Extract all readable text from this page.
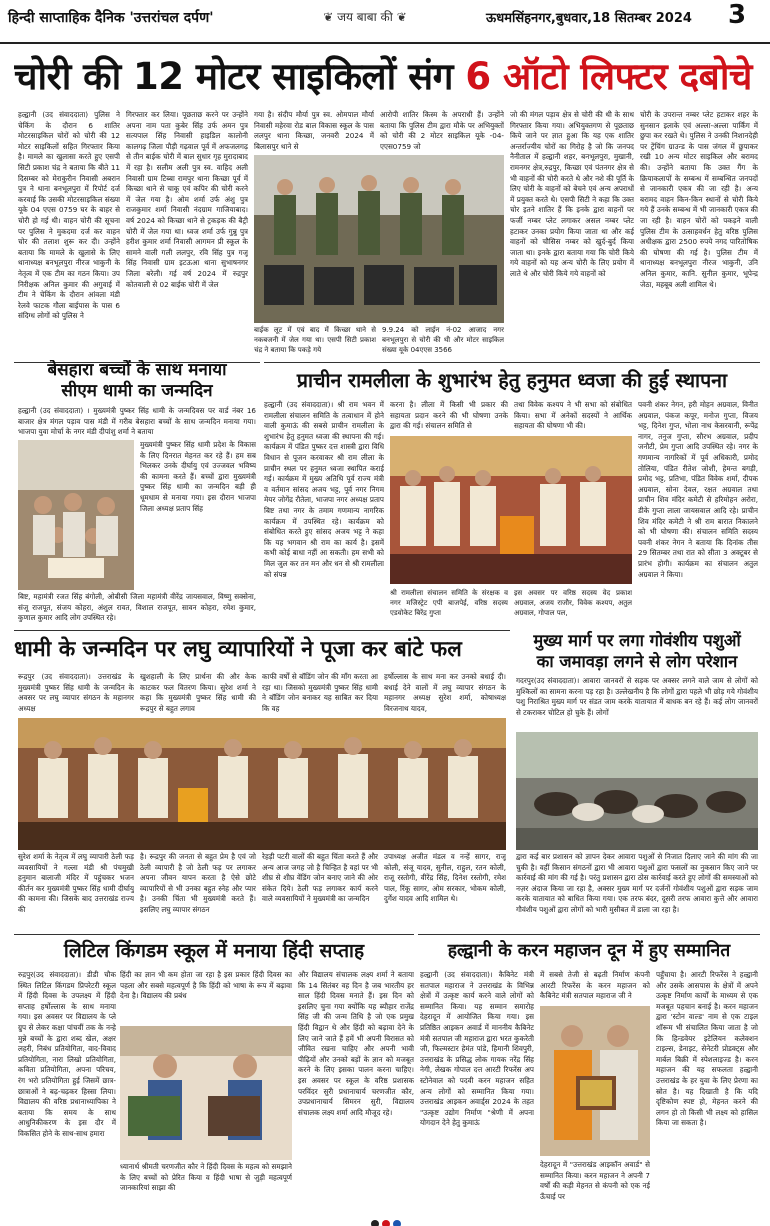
हिन्दी साप्ताहिक दैनिक 'उत्तरांचल दर्पण'	❦ जय बाबा की ❦	ऊधमसिंहनगर,बुधवार,18 सितम्बर 2024 3
चोरी की 12 मोटर साइकिलों संग 6 ऑटो लिफ्टर दबोचे
हल्द्वानी (उद संवाददाता) पुलिस ने चेकिंग के दौरान 6 शातिर मोटरसाइकिल चोरों को चोरी की 12 मोटर साइकिलों सहित गिरफ्तार किया है। मामले का खुलासा करते हुए एसपी सिटी प्रकाश चंद्र ने बताया कि बीते 11 दिसम्बर को मेराकुरीन निवासी अबरान पुत्र ने थाना बनभूलपुरा में रिपोर्ट दर्ज करवाई कि उसकी मोटरसाइकिल संख्या यूके 04 एएस 0759 घर के बाहर से चोरी हो गई थी। वाहन चोरी की सूचना पर पुलिस ने मुकदमा दर्ज कर वाहन चोर की तलाश शुरू कर दी। उन्होंने बताया कि मामले के खुलासे के लिए थानाध्यक्ष बनभूलपुरा नीरज भाकुनी के नेतृत्व में एक टीम का गठन किया। उप निरीक्षक अनिल कुमार की अगुवाई में टीम ने चेकिंग के दौरान आंवला मंडी रेलवे फाटक गौला बाईपास के पास 6 संदिग्ध लोगों को पुलिस ने
गिरफ्तार कर लिया। पूछताछ करने पर उन्होंने अपना नाम पता कुबेर सिंह उर्फ अमन पुत्र सत्यपाल सिंह निवासी हाइडिल कालोनी कालगढ़ जिला पौड़ी गढ़वाल पूर्व में अफजलगढ़ से तीन बाईक चोरी में बाल सुधार गृह मुरादाबाद में रहा है। सलीम अली पुत्र स्व. वाहिद अली निवासी ग्राम टिब्बा रामपुर थाना किच्छा पूर्व में किच्छा थाने से चाकू एवं कपिर की चोरी करने में जेल गया है। ओम शर्मा उर्फ अंशु पुत्र राजकुमार शर्मा निवासी नंदग्राम गाजियाबाद। वर्ष 2024 को किच्छा थाने से ट्रकड़क की बैट्री चोरी में जेल गया था। ध्वज शर्मा उर्फ गुन्नु पुत्र हरीश कुमार शर्मा निवासी आगमन प्री स्कूल के सामने वाली गली ललपुर, रवि सिंह पुत्र गजू सिंह निवासी ग्राम इटऊआ थाना सुभाषनगर जिला बरेली। गई वर्ष 2024 में रुद्रपुर कोतवाली से 02 बाईक चोरी में जेल
गया है। संदीप मौर्या पुत्र स्व. ओमपाल मौर्या निवासी महेरवा रोड बाल विकास स्कूल के पास ललपुर थाना किच्छा, जनवरी 2024 में बिलासपुर थाने से
आरोपी शातिर किस्म के अपराधी हैं। उन्होंने बताया कि पुलिस टीम द्वारा मौके पर अभियुक्तों को चोरी की 2 मोटर साइकिल यूके -04- एएस0759 जो
बाईक लूट में एवं बाद में किच्छा थाने से नकबजनी में जेल गया था। एसपी सिटी प्रकाश चंद्र ने बताया कि पकड़े गये
9.9.24 को लाईन नं-02 आजाद नगर बनभूलपुरा से चोरी की थी और मोटर साइकिल संख्या यूके 04एएस 3566
जो की मंगल पड़ाव क्षेत्र से चोरी की थी के साथ गिरफ्तार किया गया। अभियुक्तगण से पूछताछ किये जाने पर ज्ञात हुआ कि यह एक शातिर अन्तर्राज्यीय चोरों का गिरोह है जो कि जनपद नैनीताल में हल्द्वानी शहर, बनभूलपुरा, मुखानी, रामनगर क्षेत्र,रुद्रपुर, किच्छा एवं पंतनगर क्षेत्र से भी वाहनों की चोरी करते थे और नशे की पूर्ति के लिए चोरी के वाहनों को बेचने एवं अन्य अपराधों में प्रयुक्त करते थे। एसपी सिटी ने कहा कि उक्त चोर इतने शातिर हैं कि इनके द्वारा वाहनों पर फर्जी नम्बर प्लेट लगाकर असल नम्बर प्लेट हटाकर उनका प्रयोग किया जाता था और कई वाहनों को चौसिस नम्बर को खुर्द-बुर्द किया जाता था। इनके द्वारा बताया गया कि चोरी किये गये वाहनों को यह अन्य चोरी के लिए प्रयोग में लाते थे और चोरी किये गये वाहनों को
चोरी के उपरान्त नम्बर प्लेट हटाकर शहर के सुनसान इलाके एवं अल्ला-अल्ला पार्किंग में छुपा कर रखते थे। पुलिस ने उनकी निशानदेही पर ट्रेंचिंग ग्राउन्ड के पास जंगल में छुपाकर रखी 10 अन्य मोटर साइकिल और बरामद की। उन्होंने बताया कि उक्त गैंग के क्रियाकलापों के सम्बन्ध में सम्बन्धित जनपदों से जानकारी एकत्र की जा रही है। अन्य बरामद वाहन किन-किन स्थानों से चोरी किये गये हैं उनके सम्बन्ध में भी जानकारी एकत्र की जा रही है। वाहन चोरों को पकड़ने वाली पुलिस टीम के उत्साहवर्धन हेतु वरिष्ठ पुलिस अधीक्षक द्वारा 2500 रुपये नगद पारितोषिक की घोषणा की गई है। पुलिस टीम में थानाध्यक्ष बनभूलपुरा नीरज भाकुनी, उनि अनिल कुमार, कानि. सुनील कुमार, भूपेन्द्र जेठा, महबूब अली शामिल थे।
बेसहारा बच्चों के साथ मनाया
सीएम धामी का जन्मदिन
हल्द्वानी (उद संवाददाता) । मुख्यमंत्री पुष्कर सिंह धामी के जन्मदिवस पर वार्ड नंबर 16 बाजार क्षेत्र मंगल पड़ाव पास मंडी में गरीब बेसहारा बच्चों के साथ जन्मदिन मनाया गया। भाजपा युवा मोर्चा के नगर मंडी दीपांशु शर्मा ने बताया
मुख्यमंत्री पुष्कर सिंह धामी प्रदेश के विकास के लिए दिनरात मेहनत कर रहे हैं। हम सब भिलकर उनके दीर्घायु एवं उज्जवल भविष्य की कामना करते हैं। बच्चों द्वारा मुख्यमंत्री पुष्कर सिंह धामी का जन्मदिन बड़ी ही धूमधाम से मनाया गया। इस दौरान भाजपा जिला अध्यक्ष प्रताप सिंह
बिष्ट, महामंत्री रजत सिंह बंगोली, ओबीसी जिला महामंत्री वीरेंद्र जायसवाल, विष्णु सक्सेना, संजू राजपूत, संजय कोहरा, अंशुल रावत, विशाल राजपूत, सावन कोहरा, रमेश कुमार, कुणाल कुमार आदि लोग उपस्थित रहे।
प्राचीन रामलीला के शुभारंभ हेतु हनुमत ध्वजा की हुई स्थापना
हल्द्वानी (उद संवाददाता)। श्री राम भवन में रामलीला संचालन समिति के तत्वाधान में होने वाली कुमाऊं की सबसे प्राचीन रामलीला के शुभारंभ हेतु हनुमत ध्वजा की स्थापना की गई। कार्यक्रम में पंडित पुष्कर दत्त शास्त्री द्वारा विधि विधान से पूजन करवाकर श्री राम लीला के प्राचीन स्थल पर हनुमत ध्वजा स्थापित कराई गई। कार्यक्रम में मुख्य अतिथि पूर्व राज्य मंत्री व वर्तमान सांसद अजय भट्ट, पूर्व नगर निगम मेयर जोगेंद्र रौतेला, भाजपा नगर अध्यक्ष प्रताप बिष्ट तथा नगर के तमाम गणमान्य नागरिक कार्यक्रम में उपस्थित रहे। कार्यक्रम को संबोधित करते हुए सांसद अजय भट्ट ने कहा कि यह भगवान श्री राम का कार्य है। इसमें कभी कोई बाधा नहीं आ सकती। हम सभी को मिल जुल कर तन मन और धन से श्री रामलीला को संपन्न
करना है। लीला में किसी भी प्रकार की सहायता प्रदान करने की भी घोषणा उनके द्वारा की गई। संचालन समिति से
तथा विवेक कश्यप ने भी सभा को संबोधित किया। सभा में अनेकों सदस्यों ने आर्थिक सहायता की घोषणा भी की।
श्री रामलीला संचालन समिति के संरक्षक व नगर मजिस्ट्रेट एपी बाजपेई, वरिष्ठ सदस्य एडवोकेट बिरेंद्र गुप्ता
इस अवसर पर वरिष्ठ सदस्य वेद प्रकाश अग्रवाल, अजय राजौर, विवेक कश्यप, अतुल अग्रवाल, गोपाल पल,
पवनी शंकर नेगन, हरी मोहन अग्रवाल, विनीत अग्रवाल, पंकज कपूर, मनोज गुप्ता, विजय भट्ट, दिनेश गुप्त, भोला नाथ केसरवानी, रूपेंद्र नागर, तनुज गुप्ता, सौरभ अग्रवाल, प्रदीप जनौटी, प्रेम गुप्ता आदि उपस्थित रहे। नगर के गणमान्य नागरिकों में पूर्व अधिकारी, प्रमोद तोलिया, पंडित रीतेश जोशी, हेमन्त बगड़ी, प्रमोद भट्ट, प्रतिभा, पंडित विवेक शर्मा, दीपक अग्रवाल, सोना देवल, रक्षत अग्रवाल तथा प्राचीन शिव मंदिर कमेटी से हरिमोहन अरोरा, डीके गुप्ता लाला जायसवाल आदि रहे। प्राचीन शिव मंदिर कमेटी ने श्री राम बारात निकालने को भी घोषणा की। संचालन समिति सदस्य पवनी शंकर नेगन ने बताया कि दिनांक तीस 29 सितम्बर तथा रात को सीता 3 अक्टूबर से प्रारंभ होगी। कार्यक्रम का संचालन अतुल अग्रवाल ने किया।
धामी के जन्मदिन पर लघु व्यापारियों ने पूजा कर बांटे फल
रूद्रपुर (उद संवाददाता)। उत्तराखंड के मुख्यमंत्री पुष्कर सिंह धामी के जन्मदिन के अवसर पर लघु व्यापार संगठन के महानगर अध्यक्ष
खुशहाली के लिए प्रार्थना की और केक काटकर फल वितरण किया। सुरेश शर्मा ने कहा कि मुख्यमंत्री पुष्कर सिंह धामी की रूद्रपुर से बहुत लगाव
काफी वर्षों से बॉडिंग जोन की माँग करता आ रहा था। जिसको मुख्यमंत्री पुष्कर सिंह धामी ने बॉडिंग जोन बनाकर यह साबित कर दिया कि वह
हर्षोल्लास के साथ मना कर उनको बधाई दी। बधाई देने वालों में लघु व्यापार संगठन के महानगर अध्यक्ष सुरेश शर्मा, कोषाध्यक्ष विरजनाथ यादव,
सुरेश शर्मा के नेतृत्व में लघु व्यापारी ठेली फड़ व्यवसायियों ने गल्ला मंडी श्री पंचमुखी हनुमान बालाजी मंदिर में पहुंचकर भजन कीर्तन कर मुख्यमंत्री पुष्कर सिंह धामी दीर्घायु की कामना की। जिसके बाद उत्तराखंड राज्य की
है। रूद्रपुर की जनता से बहुत प्रेम है एवं जो ठेली व्यापारी है जो ठेली फड़ पर लगाकर अपना जीवन यापन करता है ऐसे छोटे व्यापारियों से भी उनका बहुत स्नेह और प्यार है। उनकी चिंता भी मुख्यमंत्री करते हैं। इसलिए लघु व्यापार संगठन
रेहड़ी पटरी वालों की बहुत चिंता करते हैं और अन्य आज जगह जो है चिन्हित है वहां पर भी शीघ्र से शीघ्र वेंडिंग जोन बनाए जाने की ओर संकेत दिये। ठेली फड़ लगाकर कार्य करने वाले व्यवसायियों ने मुख्यमंत्री का जन्मदिन
उपाध्यक्ष अजीत मंडल व नन्हें सागर, राजू कोली, संजू यादव, सुनील, राहुल, रतन कोली, राजू रस्तोगी, वीरेंद्र सिंह, दिनेश रस्तोगी, रमेश पाल, रिंकू सागर, ओम सरकार, भोकम कोली, दुर्गेश यादव आदि शामिल थे।
मुख्य मार्ग पर लगा गोवंशीय पशुओं
का जमावड़ा लगने से लोग परेशान
गदरपुर(उद संवाददाता)। आवारा जानवरों से सड़क पर अक्सर लगने वाले जाम से लोगों को मुश्किलों का सामना करना पड़ रहा है। उल्लेखनीय है कि लोगों द्वारा पहले भी छोड़ गये गोवंशीय पशु निराश्रित मुख्य मार्ग पर संडत जाम करके यातायात में बाधक बन रहे हैं। कई लोग जानवरों से टकराकर चोटिल हो चुके हैं। लोगों
द्वारा कई बार प्रशासन को ज्ञापन देकर आवारा पशुओं से निजात दिलाए जाने की मांग की जा चुकी है। वहीं किसान संगठनों द्वारा भी आवारा पशुओं द्वारा फसलों का नुकसान किए जाने पर कार्रवाई की मांग की गई है। परंतु प्रशासन द्वारा ठोस कार्रवाई करते हुए लोगों की समस्याओं को नज़र अंदाज किया जा रहा है, अक्सर मुख्य मार्ग पर दर्जनों गोवंशीय पशुओं द्वारा सड़क जाम करके यातायात को बाधित किया गया। एक तरफ बंदर, दूसरी तरफ आवारा कुत्ते और आवारा गौवंशीय पशुओं द्वारा लोगों को भारी मुसीबत में डाला जा रहा है।
लिटिल किंगडम स्कूल में मनाया हिंदी सप्ताह
रुद्रपुर(उद संवाददाता)। डीडी चौक स्थित लिटिल किंगडम प्रिपरेटरी स्कूल में हिंदी दिवस के उपलक्ष्य में हिंदी सप्ताह हर्षोल्लास के साथ मनाया गया। इस अवसर पर विद्यालय के प्ले ग्रुप से लेकर कक्षा पांचवीं तक के नन्हे मुन्ने बच्चों के द्वारा शब्द खेल, अक्षर लहरी, निबंध प्रतियोगिता, वाद-विवाद प्रतियोगिता, नारा लिखो प्रतियोगिता, कविता प्रतियोगिता, अपना परिचय, रंग भरो प्रतियोगिता हुई जिसमें छात्र-छात्राओं ने बढ़-चढ़कर हिस्सा लिया। विद्यालय की वरिष्ठ प्रधानाध्यापिका ने बताया कि समय के साथ आधुनिकीकरण के इस दौर में विकसित होने के साथ-साथ हमारा
हिंदी का ज्ञान भी कम होता जा रहा है इस प्रकार हिंदी दिवस का पहला और सबसे महत्वपूर्ण है कि हिंदी को भाषा के रूप में बढ़ावा देना है। विद्यालय की प्रबंध
ध्यानार्थ श्रीमती चरणजीत कौर ने हिंदी दिवस के महत्व को समझाने के लिए बच्चों को प्रेरित किया व हिंदी भाषा से जुड़ी महत्वपूर्ण जानकारियां साझा की
और विद्यालय संचालक लक्ष्य शर्मा ने बताया कि 14 सितंबर वह दिन है जब भारतीय हर साल हिंदी दिवस मनाते हैं। इस दिन को इसलिए चुना गया क्योंकि यह ब्यौहार राजेंद्र सिंह जी की जन्म तिथि है जो एक प्रमुख हिंदी विद्वान थे और हिंदी को बढ़ावा देने के लिए जाने जाते हैं हमें भी अपनी विरासत को जीवित रखना चाहिए और अपनी भावी पीढ़ियों और उनको बड़ों के ज्ञान को मजबूत करने के लिए इसका पालन करना चाहिए। इस अवसर पर स्कूल के वरिष्ठ प्रशासक परविंदर सुरी प्रधानाचार्य चरणजीत कौर, उपप्रधानाचार्य सिमरन सुरी, विद्यालय संचालक लक्ष्य शर्मा आदि मौजूद रहे।
हल्द्वानी के करन महाजन दून में हुए सम्मानित
हल्द्वानी (उद संवाददाता)। कैबिनेट मंत्री सतपाल महाराज ने उत्तराखंड के विभिन्न क्षेत्रों में उत्कृष्ट कार्य करने वाले लोगों को सम्मानित किया। यह सम्मान समारोह देहरादून में आयोजित किया गया। इस प्रतिष्ठित आइकन अवार्ड में माननीय कैबिनेट मंत्री सतपाल जी महाराज द्वारा भरत कुकरेती जी, फिल्मस्टार हेमंत पांडे, हिमानी शिवपुरी, उत्तराखंड के प्रसिद्ध लोक गायक नरेंद्र सिंह नेगी, लेखक गोपाल दत्त आरटी रिफरेंस अप स्टोनेवाल को पदवी करन महाजन सहित अन्य लोगों को सम्मानित किया गया। उत्तराखंड आइकन अवार्ड्स 2024 के तहत "उत्कृष्ट उद्योग निर्माण "श्रेणी में अपना योगदान देने हेतु कुमाऊं
में सबसे तेजी से बढ़ती निर्माण कंपनी आरटी रिफरेंस के करन महाजन को कैबिनेट मंत्री सतपाल महाराज जी ने
देहरादून में "उत्तराखंड आइकॉन अवार्ड" से सम्मानित किया। करन महाजन ने अपनी 7 वर्षों की कड़ी मेहनत से कंपनी को एक नई ऊँचाई पर
पहुँचाया है। आरटी रिफरेंस ने हल्द्वानी और उसके आसपास के क्षेत्रों में अपने उत्कृष्ट निर्माण कार्यों के माध्यम से एक मजबूत पहचान बनाई है। करन महाजन द्वारा 'स्टोन वाल्ड' नाम से एक टाइल शॉरूम भी संचालित किया जाता है जो कि हिन्डवेयर इटेलियन कलेक्शन टाइल्स, डेनाइट, सेनेटरी प्रोडक्ट्स और मार्बल बिक्री में स्पेशलाइज्ड है। करन महाजन की यह सफलता हल्द्वानी उत्तराखंड के हर युवा के लिए प्रेरणा का स्रोत है। यह दिखाती है कि यदि दृष्टिकोण स्पष्ट हो, मेहनत करने की लगन हो तो किसी भी लक्ष्य को हासिल किया जा सकता है।
